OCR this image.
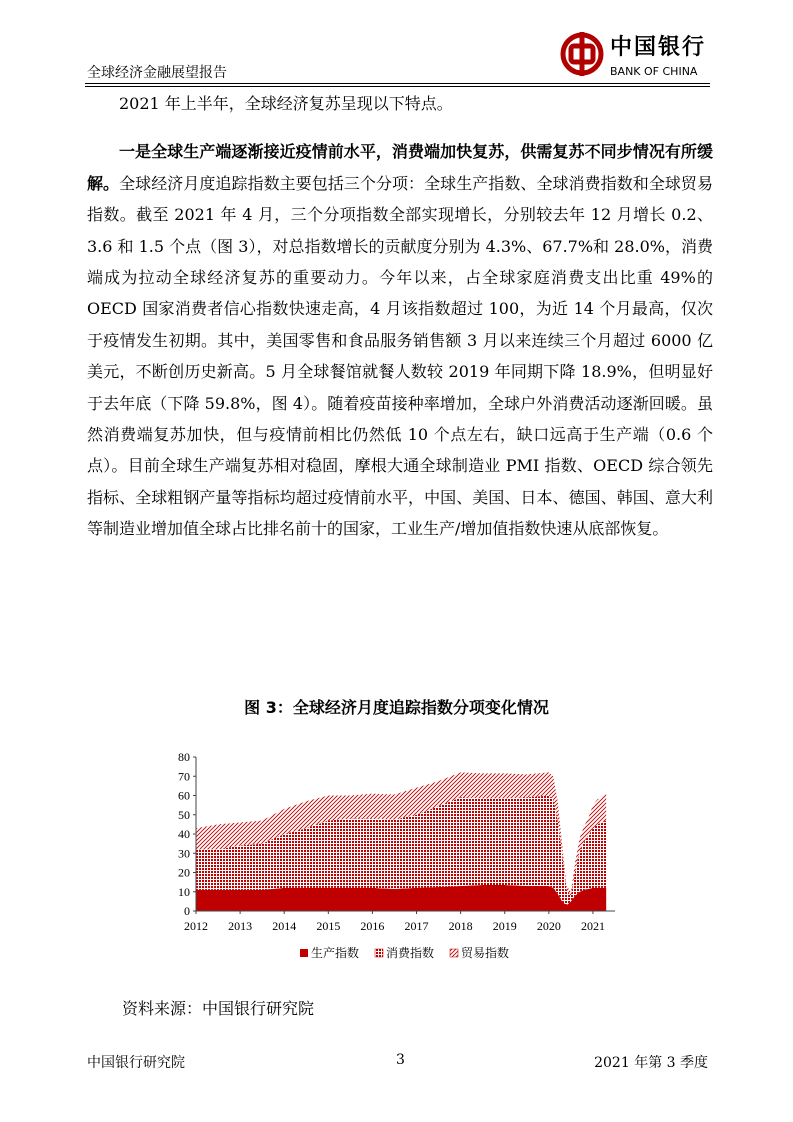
全球经济金融展望报告
中国银行
BANK OF CHINA

2021 年上半年，全球经济复苏呈现以下特点。

一是全球生产端逐渐接近疫情前水平，消费端加快复苏，供需复苏不同步情况有所缓解。全球经济月度追踪指数主要包括三个分项：全球生产指数、全球消费指数和全球贸易指数。截至 2021 年 4 月，三个分项指数全部实现增长，分别较去年 12 月增长 0.2、3.6 和 1.5 个点（图 3），对总指数增长的贡献度分别为 4.3%、67.7%和 28.0%，消费端成为拉动全球经济复苏的重要动力。今年以来，占全球家庭消费支出比重 49%的 OECD 国家消费者信心指数快速走高，4 月该指数超过 100，为近 14 个月最高，仅次于疫情发生初期。其中，美国零售和食品服务销售额 3 月以来连续三个月超过 6000 亿美元，不断创历史新高。5 月全球餐馆就餐人数较 2019 年同期下降 18.9%，但明显好于去年底（下降 59.8%，图 4）。随着疫苗接种率增加，全球户外消费活动逐渐回暖。虽然消费端复苏加快，但与疫情前相比仍然低 10 个点左右，缺口远高于生产端（0.6 个点）。目前全球生产端复苏相对稳固，摩根大通全球制造业 PMI 指数、OECD 综合领先指标、全球粗钢产量等指标均超过疫情前水平，中国、美国、日本、德国、韩国、意大利等制造业增加值全球占比排名前十的国家，工业生产/增加值指数快速从底部恢复。

图 3：全球经济月度追踪指数分项变化情况
0
10
20
30
40
50
60
70
80
2012 2013 2014 2015 2016 2017 2018 2019 2020 2021
生产指数 消费指数 贸易指数
资料来源：中国银行研究院
中国银行研究院	3	2021 年第 3 季度
